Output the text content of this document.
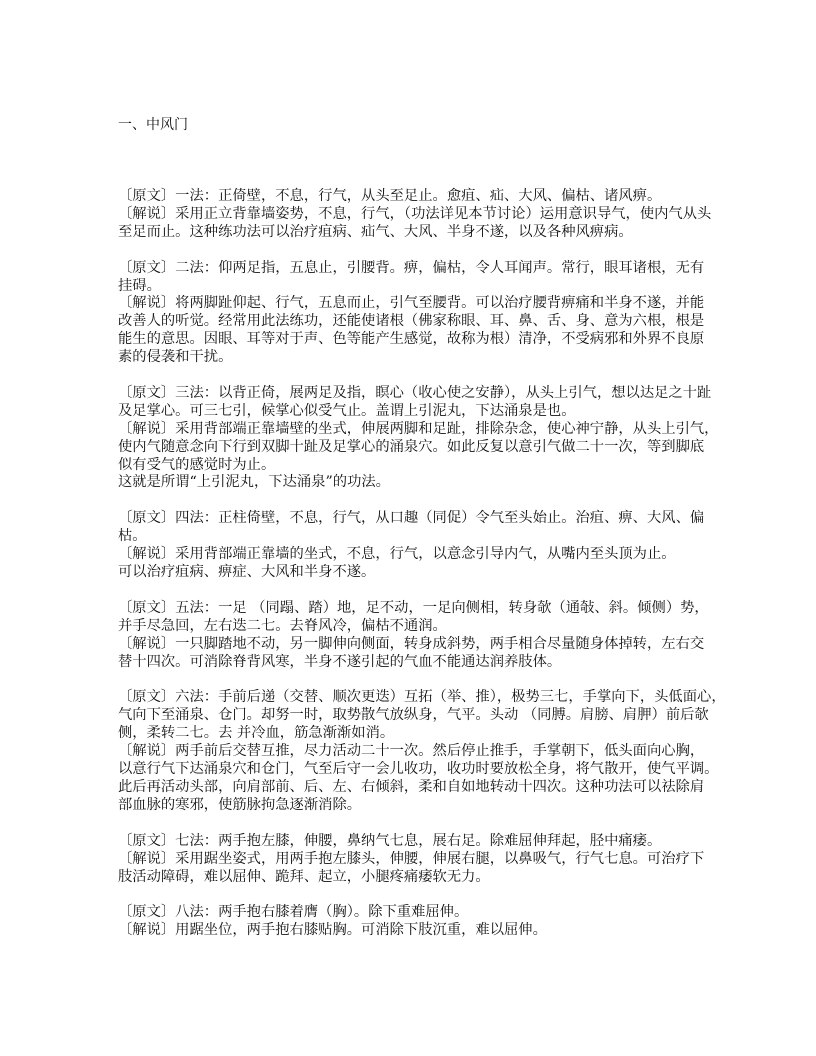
一、中风门
〔原文〕一法：正倚壁，不息，行气，从头至足止。愈疽、疝、大风、偏枯、诸风痹。
〔解说〕采用正立背靠墙姿势，不息，行气，（功法详见本节讨论）运用意识导气，使内气从头
至足而止。这种练功法可以治疗疽病、疝气、大风、半身不遂，以及各种风痹病。
〔原文〕二法：仰两足指，五息止，引腰背。痹，偏枯，令人耳闻声。常行，眼耳诸根，无有
挂碍。
〔解说〕将两脚趾仰起、行气，五息而止，引气至腰背。可以治疗腰背痹痛和半身不遂，并能
改善人的听觉。经常用此法练功，还能使诸根（佛家称眼、耳、鼻、舌、身、意为六根，根是
能生的意思。因眼、耳等对于声、色等能产生感觉，故称为根）清净，不受病邪和外界不良原
素的侵袭和干扰。
〔原文〕三法：以背正倚，展两足及指，瞑心（收心使之安静），从头上引气，想以达足之十趾
及足掌心。可三七引，候掌心似受气止。盖谓上引泥丸，下达涌泉是也。
〔解说〕采用背部端正靠墙壁的坐式，伸展两脚和足趾，排除杂念，使心神宁静，从头上引气，
使内气随意念向下行到双脚十趾及足掌心的涌泉穴。如此反复以意引气做二十一次，等到脚底
似有受气的感觉时为止。
这就是所谓“上引泥丸，下达涌泉”的功法。
〔原文〕四法：正柱倚壁，不息，行气，从口趣（同促）令气至头始止。治疽、痹、大风、偏
枯。
〔解说〕采用背部端正靠墙的坐式，不息，行气，以意念引导内气，从嘴内至头顶为止。
可以治疗疽病、痹症、大风和半身不遂。
〔原文〕五法：一足 （同蹋、踏）地，足不动，一足向侧相，转身欹（通敧、斜。倾侧）势，
并手尽急回，左右迭二七。去脊风冷，偏枯不通润。
〔解说〕一只脚踏地不动，另一脚伸向侧面，转身成斜势，两手相合尽量随身体掉转，左右交
替十四次。可消除脊背风寒，半身不遂引起的气血不能通达润养肢体。
〔原文〕六法：手前后递（交替、顺次更迭）互拓（举、推），极势三七，手掌向下，头低面心，
气向下至涌泉、仓门。却努一时，取势散气放纵身，气平。头动 （同膊。肩膀、肩胛）前后欹
侧，柔转二七。去 并冷血，筋急渐渐如消。
〔解说〕两手前后交替互推，尽力活动二十一次。然后停止推手，手掌朝下，低头面向心胸，
以意行气下达涌泉穴和仓门，气至后守一会儿收功，收功时要放松全身，将气散开，使气平调。
此后再活动头部，向肩部前、后、左、右倾斜，柔和自如地转动十四次。这种功法可以祛除肩
部血脉的寒邪，使筋脉拘急逐渐消除。
〔原文〕七法：两手抱左膝，伸腰，鼻纳气七息，展右足。除难屈伸拜起，胫中痛痿。
〔解说〕采用踞坐姿式，用两手抱左膝头，伸腰，伸展右腿，以鼻吸气，行气七息。可治疗下
肢活动障碍，难以屈伸、跪拜、起立，小腿疼痛痿软无力。
〔原文〕八法：两手抱右膝着膺（胸）。除下重难屈伸。
〔解说〕用踞坐位，两手抱右膝贴胸。可消除下肢沉重，难以屈伸。
